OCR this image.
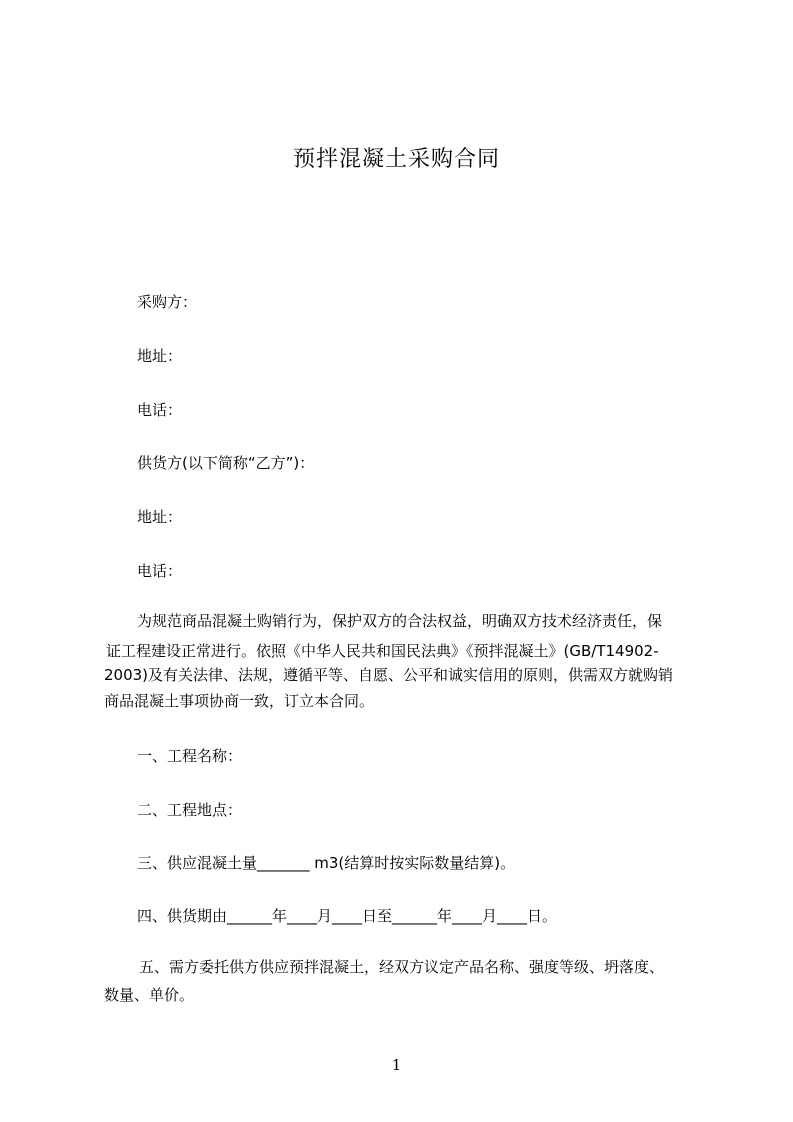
预拌混凝土采购合同
采购方：
地址：
电话：
供货方(以下简称“乙方”)：
地址：
电话：
为规范商品混凝土购销行为，保护双方的合法权益，明确双方技术经济责任，保
证工程建设正常进行。依照《中华人民共和国民法典》《预拌混凝土》(GB/T14902-
2003)及有关法律、法规，遵循平等、自愿、公平和诚实信用的原则，供需双方就购销
商品混凝土事项协商一致，订立本合同。
一、工程名称：
二、工程地点：
三、供应混凝土量_______ m3(结算时按实际数量结算)。
四、供货期由______年____月____日至______年____月____日。
五、需方委托供方供应预拌混凝土，经双方议定产品名称、强度等级、坍落度、
数量、单价。
1
